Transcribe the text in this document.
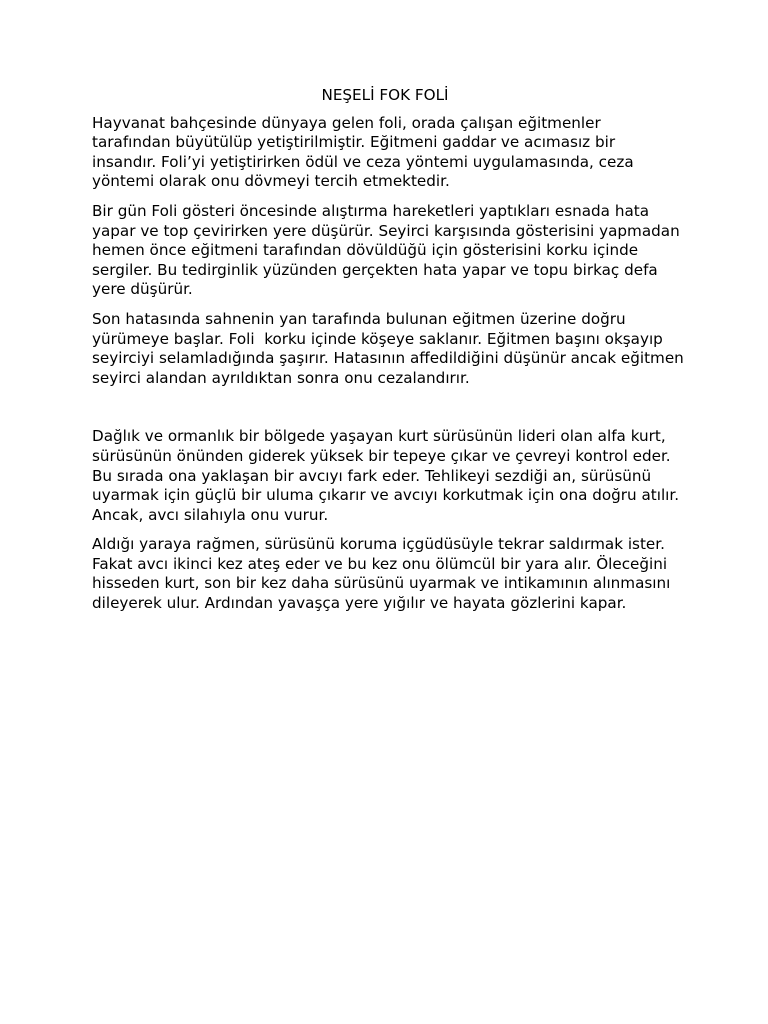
NEŞELİ FOK FOLİ

Hayvanat bahçesinde dünyaya gelen foli, orada çalışan eğitmenler tarafından büyütülüp yetiştirilmiştir. Eğitmeni gaddar ve acımasız bir insandır. Foli’yi yetiştirirken ödül ve ceza yöntemi uygulamasında, ceza yöntemi olarak onu dövmeyi tercih etmektedir.

Bir gün Foli gösteri öncesinde alıştırma hareketleri yaptıkları esnada hata yapar ve top çevirirken yere düşürür. Seyirci karşısında gösterisini yapmadan hemen önce eğitmeni tarafından dövüldüğü için gösterisini korku içinde sergiler. Bu tedirginlik yüzünden gerçekten hata yapar ve topu birkaç defa yere düşürür.

Son hatasında sahnenin yan tarafında bulunan eğitmen üzerine doğru yürümeye başlar. Foli  korku içinde köşeye saklanır. Eğitmen başını okşayıp seyirciyi selamladığında şaşırır. Hatasının affedildiğini düşünür ancak eğitmen seyirci alandan ayrıldıktan sonra onu cezalandırır.

Dağlık ve ormanlık bir bölgede yaşayan kurt sürüsünün lideri olan alfa kurt, sürüsünün önünden giderek yüksek bir tepeye çıkar ve çevreyi kontrol eder. Bu sırada ona yaklaşan bir avcıyı fark eder. Tehlikeyi sezdiği an, sürüsünü uyarmak için güçlü bir uluma çıkarır ve avcıyı korkutmak için ona doğru atılır. Ancak, avcı silahıyla onu vurur.

Aldığı yaraya rağmen, sürüsünü koruma içgüdüsüyle tekrar saldırmak ister. Fakat avcı ikinci kez ateş eder ve bu kez onu ölümcül bir yara alır. Öleceğini hisseden kurt, son bir kez daha sürüsünü uyarmak ve intikamının alınmasını dileyerek ulur. Ardından yavaşça yere yığılır ve hayata gözlerini kapar.
